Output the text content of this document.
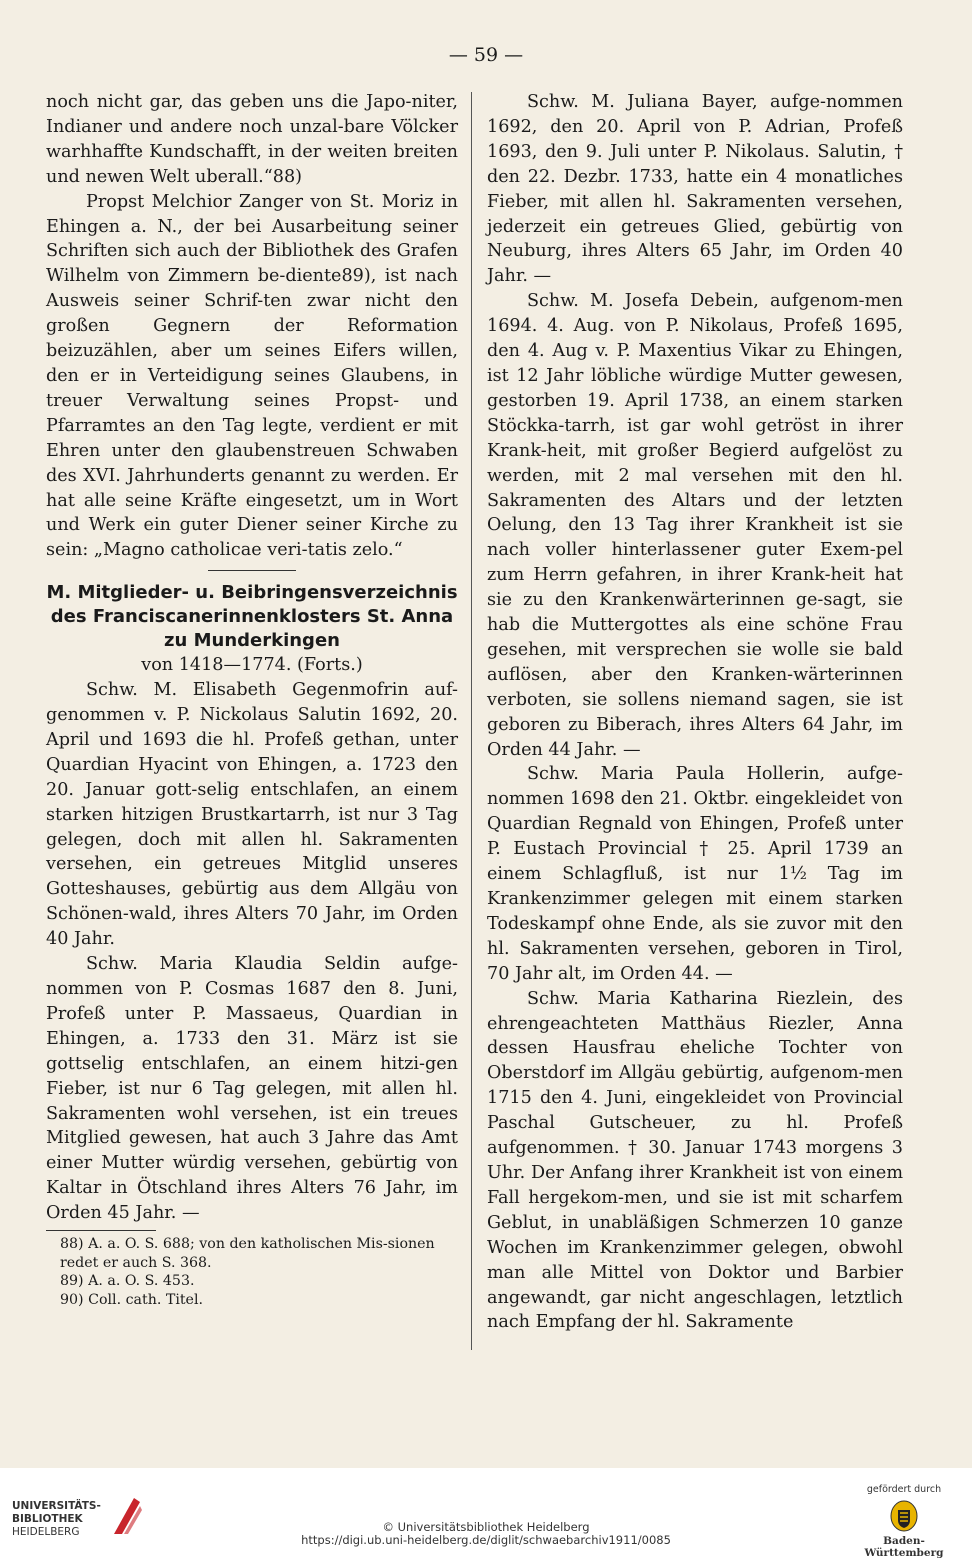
— 59 —

noch nicht gar, das geben uns die Japo-niter, Indianer und andere noch unzal-bare Völcker warhhaffte Kundschafft, in der weiten breiten und newen Welt uberall.“88)

Propst Melchior Zanger von St. Moriz in Ehingen a. N., der bei Ausarbeitung seiner Schriften sich auch der Bibliothek des Grafen Wilhelm von Zimmern be-diente89), ist nach Ausweis seiner Schrif-ten zwar nicht den großen Gegnern der Reformation beizuzählen, aber um seines Eifers willen, den er in Verteidigung seines Glaubens, in treuer Verwaltung seines Propst- und Pfarramtes an den Tag legte, verdient er mit Ehren unter den glaubenstreuen Schwaben des XVI. Jahrhunderts genannt zu werden. Er hat alle seine Kräfte eingesetzt, um in Wort und Werk ein guter Diener seiner Kirche zu sein: „Magno catholicae veri-tatis zelo.“

M. Mitglieder- u. Beibringensverzeichnis des Franciscanerinnenklosters St. Anna zu Munderkingen
von 1418—1774. (Forts.)

Schw. M. Elisabeth Gegenmofrin auf-genommen v. P. Nickolaus Salutin 1692, 20. April und 1693 die hl. Profeß gethan, unter Quardian Hyacint von Ehingen, a. 1723 den 20. Januar gott-selig entschlafen, an einem starken hitzigen Brustkartarrh, ist nur 3 Tag gelegen, doch mit allen hl. Sakramenten versehen, ein getreues Mitglid unseres Gotteshauses, gebürtig aus dem Allgäu von Schönen-wald, ihres Alters 70 Jahr, im Orden 40 Jahr.

Schw. Maria Klaudia Seldin aufge-nommen von P. Cosmas 1687 den 8. Juni, Profeß unter P. Massaeus, Quardian in Ehingen, a. 1733 den 31. März ist sie gottselig entschlafen, an einem hitzi-gen Fieber, ist nur 6 Tag gelegen, mit allen hl. Sakramenten wohl versehen, ist ein treues Mitglied gewesen, hat auch 3 Jahre das Amt einer Mutter würdig versehen, gebürtig von Kaltar in Ötschland ihres Alters 76 Jahr, im Orden 45 Jahr. —

88) A. a. O. S. 688; von den katholischen Mis-sionen redet er auch S. 368.

89) A. a. O. S. 453.

90) Coll. cath. Titel.

Schw. M. Juliana Bayer, aufge-nommen 1692, den 20. April von P. Adrian, Profeß 1693, den 9. Juli unter P. Nikolaus. Salutin, † den 22. Dezbr. 1733, hatte ein 4 monatliches Fieber, mit allen hl. Sakramenten versehen, jederzeit ein getreues Glied, gebürtig von Neuburg, ihres Alters 65 Jahr, im Orden 40 Jahr. —

Schw. M. Josefa Debein, aufgenom-men 1694. 4. Aug. von P. Nikolaus, Profeß 1695, den 4. Aug v. P. Maxentius Vikar zu Ehingen, ist 12 Jahr löbliche würdige Mutter gewesen, gestorben 19. April 1738, an einem starken Stöckka-tarrh, ist gar wohl getröst in ihrer Krank-heit, mit großer Begierd aufgelöst zu werden, mit 2 mal versehen mit den hl. Sakramenten des Altars und der letzten Oelung, den 13 Tag ihrer Krankheit ist sie nach voller hinterlassener guter Exem-pel zum Herrn gefahren, in ihrer Krank-heit hat sie zu den Krankenwärterinnen ge-sagt, sie hab die Muttergottes als eine schöne Frau gesehen, mit versprechen sie wolle sie bald auflösen, aber den Kranken-wärterinnen verboten, sie sollens niemand sagen, sie ist geboren zu Biberach, ihres Alters 64 Jahr, im Orden 44 Jahr. —

Schw. Maria Paula Hollerin, aufge-nommen 1698 den 21. Oktbr. eingekleidet von Quardian Regnald von Ehingen, Profeß unter P. Eustach Provincial † 25. April 1739 an einem Schlagfluß, ist nur 1½ Tag im Krankenzimmer gelegen mit einem starken Todeskampf ohne Ende, als sie zuvor mit den hl. Sakramenten versehen, geboren in Tirol, 70 Jahr alt, im Orden 44. —

Schw. Maria Katharina Riezlein, des ehrengeachteten Matthäus Riezler, Anna dessen Hausfrau eheliche Tochter von Oberstdorf im Allgäu gebürtig, aufgenom-men 1715 den 4. Juni, eingekleidet von Provincial Paschal Gutscheuer, zu hl. Profeß aufgenommen. † 30. Januar 1743 morgens 3 Uhr. Der Anfang ihrer Krankheit ist von einem Fall hergekom-men, und sie ist mit scharfem Geblut, in unabläßigen Schmerzen 10 ganze Wochen im Krankenzimmer gelegen, obwohl man alle Mittel von Doktor und Barbier angewandt, gar nicht angeschlagen, letztlich nach Empfang der hl. Sakramente

UNIVERSITÄTS-
BIBLIOTHEK
HEIDELBERG	© Universitätsbibliothek Heidelberg
https://digi.ub.uni-heidelberg.de/diglit/schwaebarchiv1911/0085
gefördert durch
Baden-Württemberg
